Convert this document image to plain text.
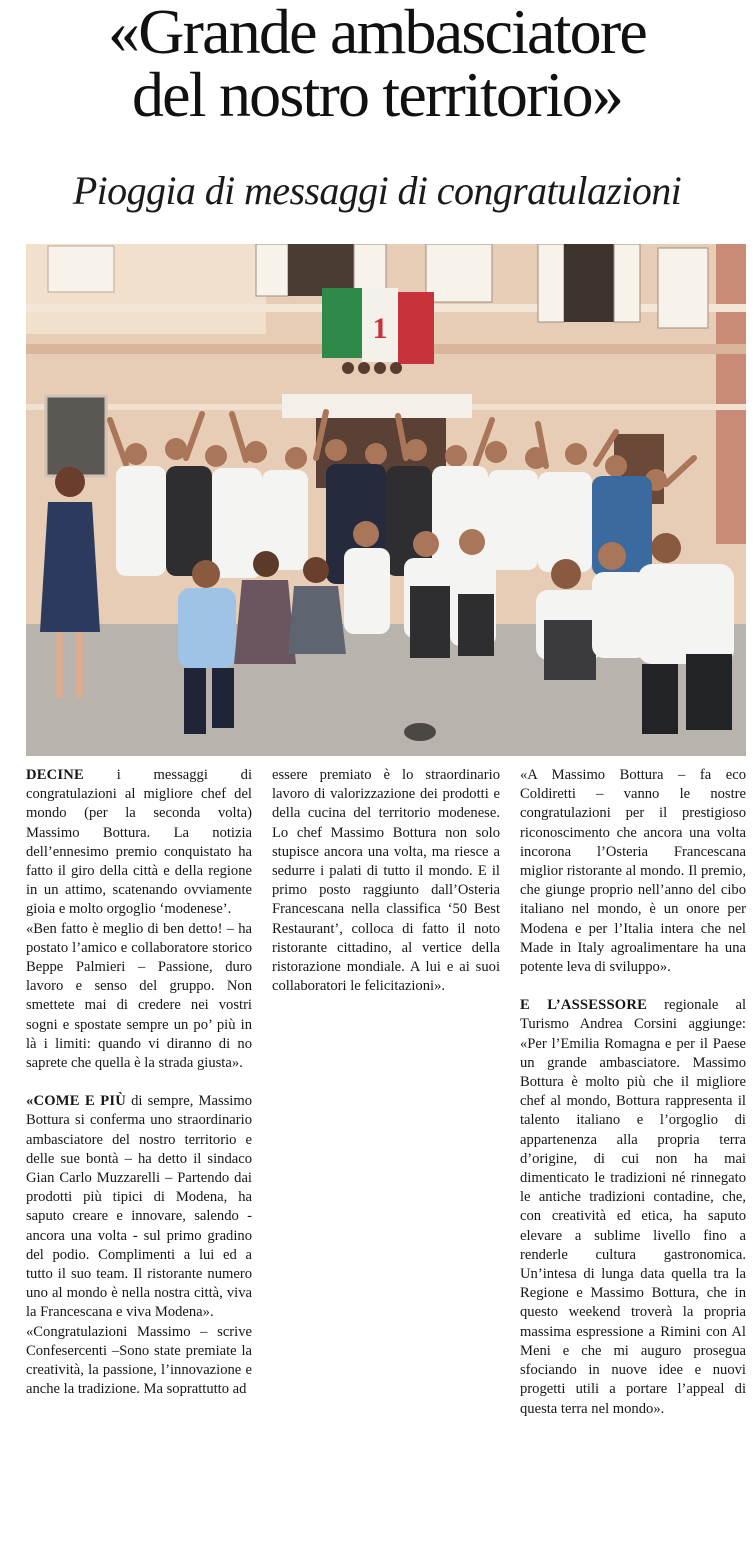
«Grande ambasciatore
del nostro territorio»
Pioggia di messaggi di congratulazioni
1

DECINE i messaggi di congratulazioni al migliore chef del mondo (per la seconda volta) Massimo Bottura. La notizia dell’ennesimo premio conquistato ha fatto il giro della città e della regione in un attimo, scatenando ovviamente gioia e molto orgoglio ‘modenese’.

«Ben fatto è meglio di ben detto! – ha postato l’amico e collaboratore storico Beppe Palmieri – Passione, duro lavoro e senso del gruppo. Non smettete mai di credere nei vostri sogni e spostate sempre un po’ più in là i limiti: quando vi diranno di no saprete che quella è la strada giusta».

«COME E PIÙ di sempre, Massimo Bottura si conferma uno straordinario ambasciatore del nostro territorio e delle sue bontà – ha detto il sindaco Gian Carlo Muzzarelli – Partendo dai prodotti più tipici di Modena, ha saputo creare e innovare, salendo - ancora una volta - sul primo gradino del podio. Complimenti a lui ed a tutto il suo team. Il ristorante numero uno al mondo è nella nostra città, viva la Francescana e viva Modena».

«Congratulazioni Massimo – scrive Confesercenti –Sono state premiate la creatività, la passione, l’innovazione e anche la tradizione. Ma soprattutto ad

essere premiato è lo straordinario lavoro di valorizzazione dei prodotti e della cucina del territorio modenese. Lo chef Massimo Bottura non solo stupisce ancora una volta, ma riesce a sedurre i palati di tutto il mondo. E il primo posto raggiunto dall’Osteria Francescana nella classifica ‘50 Best Restaurant’, colloca di fatto il noto ristorante cittadino, al vertice della ristorazione mondiale. A lui e ai suoi collaboratori le felicitazioni».

«A Massimo Bottura – fa eco Coldiretti – vanno le nostre congratulazioni per il prestigioso riconoscimento che ancora una volta incorona l’Osteria Francescana miglior ristorante al mondo. Il premio, che giunge proprio nell’anno del cibo italiano nel mondo, è un onore per Modena e per l’Italia intera che nel Made in Italy agroalimentare ha una potente leva di sviluppo».

E L’ASSESSORE regionale al Turismo Andrea Corsini aggiunge: «Per l’Emilia Romagna e per il Paese un grande ambasciatore. Massimo Bottura è molto più che il migliore chef al mondo, Bottura rappresenta il talento italiano e l’orgoglio di appartenenza alla propria terra d’origine, di cui non ha mai dimenticato le tradizioni né rinnegato le antiche tradizioni contadine, che, con creatività ed etica, ha saputo elevare a sublime livello fino a renderle cultura gastronomica. Un’intesa di lunga data quella tra la Regione e Massimo Bottura, che in questo weekend troverà la propria massima espressione a Rimini con Al Meni e che mi auguro prosegua sfociando in nuove idee e nuovi progetti utili a portare l’appeal di questa terra nel mondo».
